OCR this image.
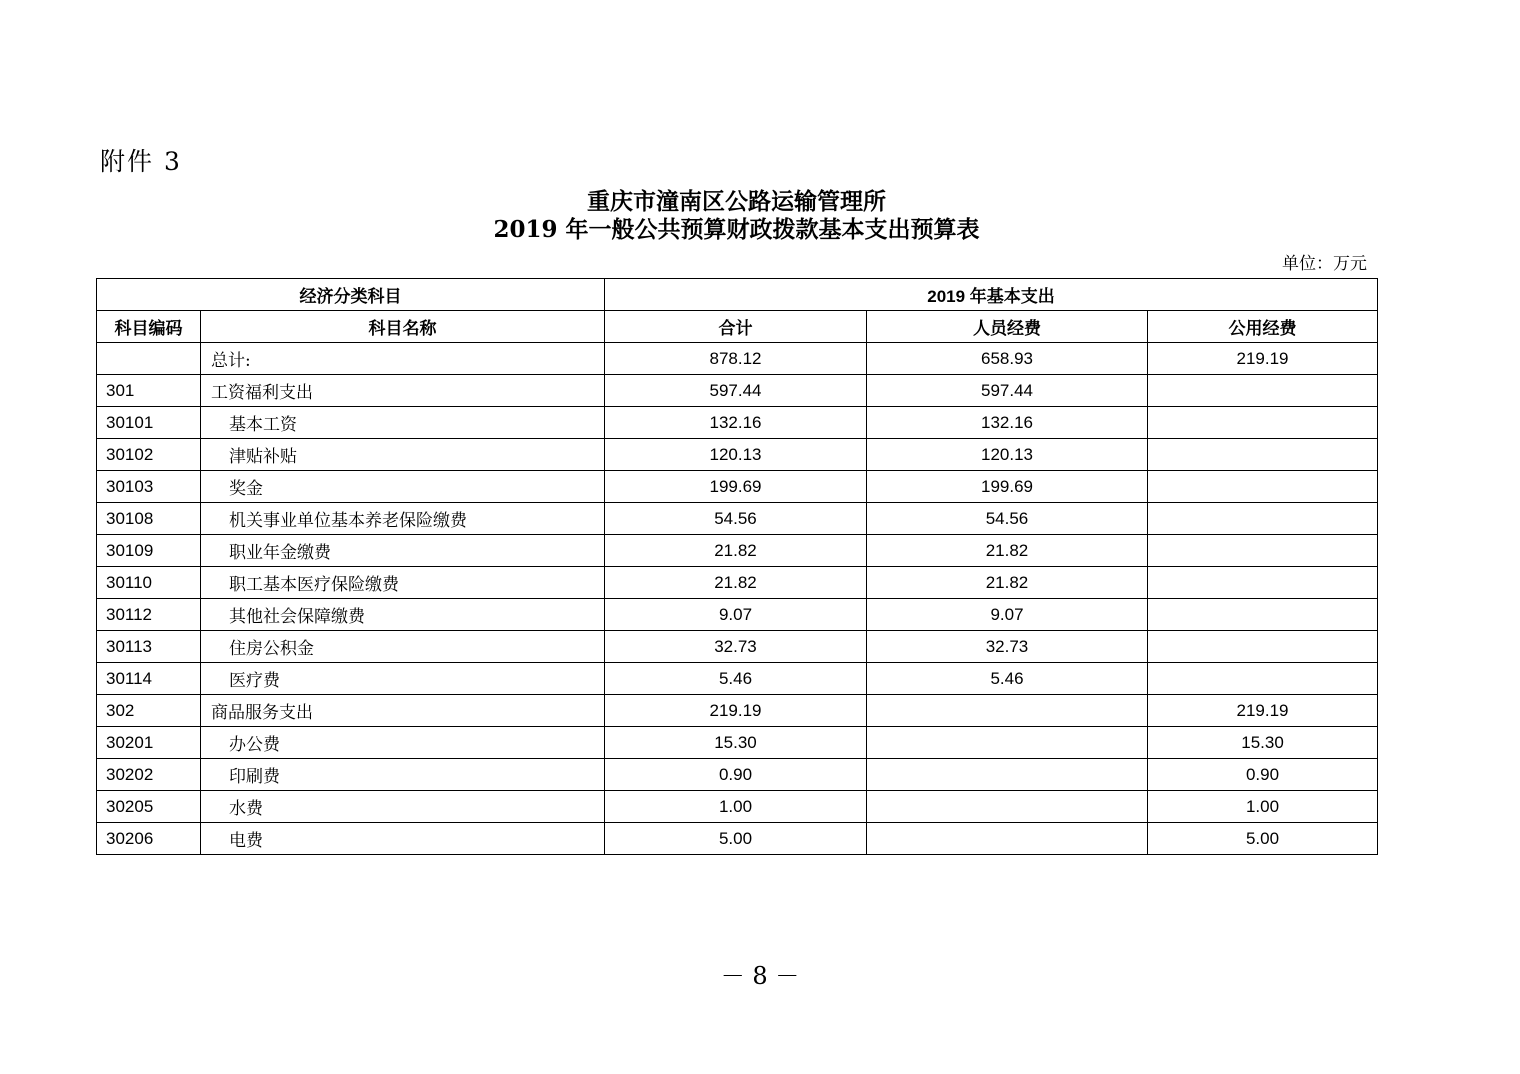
附件 3
重庆市潼南区公路运输管理所
2019 年一般公共预算财政拨款基本支出预算表
单位：万元
经济分类科目		2019 年基本支出		
科目编码	科目名称	合计	人员经费	公用经费
	总计:	878.12	658.93	219.19
301	工资福利支出	597.44	597.44	
30101	基本工资	132.16	132.16	
30102	津贴补贴	120.13	120.13	
30103	奖金	199.69	199.69	
30108	机关事业单位基本养老保险缴费	54.56	54.56	
30109	职业年金缴费	21.82	21.82	
30110	职工基本医疗保险缴费	21.82	21.82	
30112	其他社会保障缴费	9.07	9.07	
30113	住房公积金	32.73	32.73	
30114	医疗费	5.46	5.46	
302	商品服务支出	219.19		219.19
30201	办公费	15.30		15.30
30202	印刷费	0.90		0.90
30205	水费	1.00		1.00
30206	电费	5.00		5.00
－ 8 －
